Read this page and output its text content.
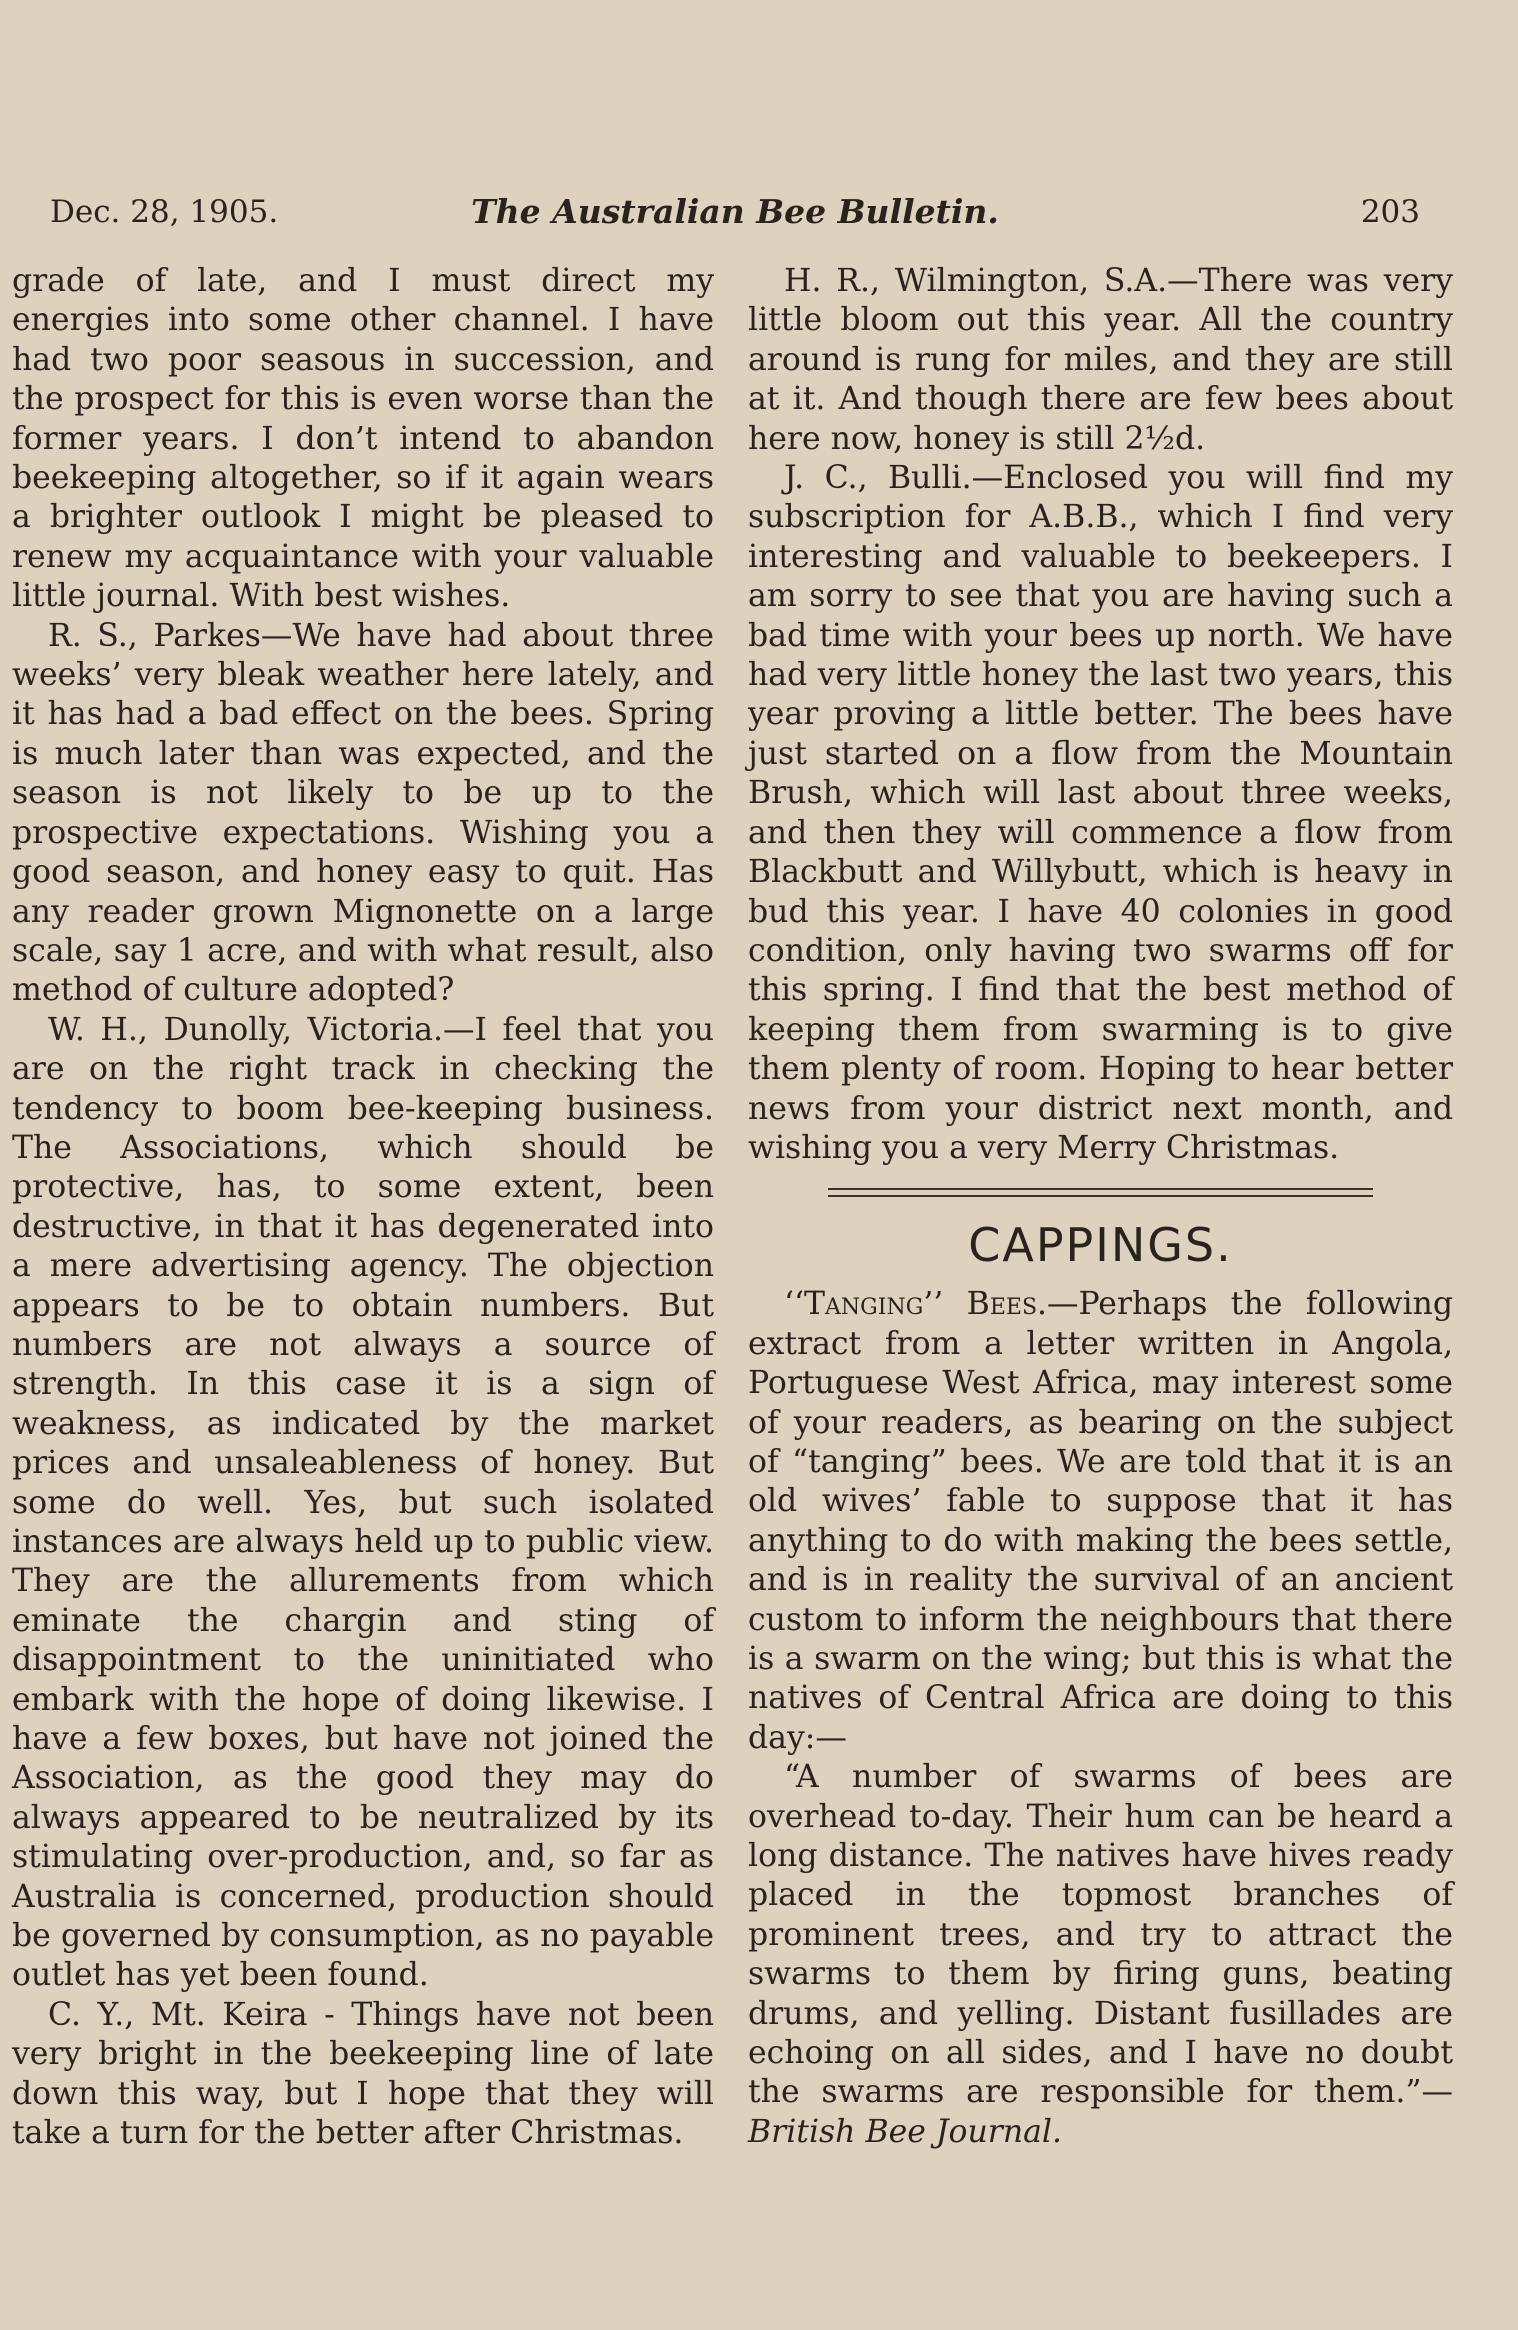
Dec. 28, 1905.	The Australian Bee Bulletin.	203

grade of late, and I must direct my energies into some other channel. I have had two poor seasous in succession, and the prospect for this is even worse than the former years. I don’t intend to abandon beekeeping altogether, so if it again wears a brighter outlook I might be pleased to renew my acquaintance with your valuable little journal. With best wishes.

R. S., Parkes—We have had about three weeks’ very bleak weather here lately, and it has had a bad effect on the bees. Spring is much later than was expected, and the season is not likely to be up to the prospective expectations. Wishing you a good season, and honey easy to quit. Has any reader grown Mignonette on a large scale, say 1 acre, and with what result, also method of culture adopted?

W. H., Dunolly, Victoria.—I feel that you are on the right track in checking the tendency to boom bee-keeping business. The Associations, which should be protective, has, to some extent, been destructive, in that it has degenerated into a mere advertising agency. The objection appears to be to obtain numbers. But numbers are not always a source of strength. In this case it is a sign of weakness, as indicated by the market prices and unsaleableness of honey. But some do well. Yes, but such isolated instances are always held up to public view. They are the allurements from which eminate the chargin and sting of disappointment to the uninitiated who embark with the hope of doing likewise. I have a few boxes, but have not joined the Association, as the good they may do always appeared to be neutralized by its stimulating over-production, and, so far as Australia is concerned, production should be governed by consumption, as no payable outlet has yet been found.

C. Y., Mt. Keira - Things have not been very bright in the beekeeping line of late down this way, but I hope that they will take a turn for the better after Christmas.

H. R., Wilmington, S.A.—There was very little bloom out this year. All the country around is rung for miles, and they are still at it. And though there are few bees about here now, honey is still 2½d.

J. C., Bulli.—Enclosed you will find my subscription for A.B.B., which I find very interesting and valuable to beekeepers. I am sorry to see that you are having such a bad time with your bees up north. We have had very little honey the last two years, this year proving a little better. The bees have just started on a flow from the Mountain Brush, which will last about three weeks, and then they will commence a flow from Blackbutt and Willybutt, which is heavy in bud this year. I have 40 colonies in good condition, only having two swarms off for this spring. I find that the best method of keeping them from swarming is to give them plenty of room. Hoping to hear better news from your district next month, and wishing you a very Merry Christmas.

CAPPINGS.

‘‘Tanging’’ Bees.—Perhaps the following extract from a letter written in Angola, Portuguese West Africa, may interest some of your readers, as bearing on the subject of “tanging” bees. We are told that it is an old wives’ fable to suppose that it has anything to do with making the bees settle, and is in reality the survival of an ancient custom to inform the neighbours that there is a swarm on the wing; but this is what the natives of Central Africa are doing to this day:—

“A number of swarms of bees are overhead to-day. Their hum can be heard a long distance. The natives have hives ready placed in the topmost branches of prominent trees, and try to attract the swarms to them by firing guns, beating drums, and yelling. Distant fusillades are echoing on all sides, and I have no doubt the swarms are responsible for them.”—British Bee Journal.
